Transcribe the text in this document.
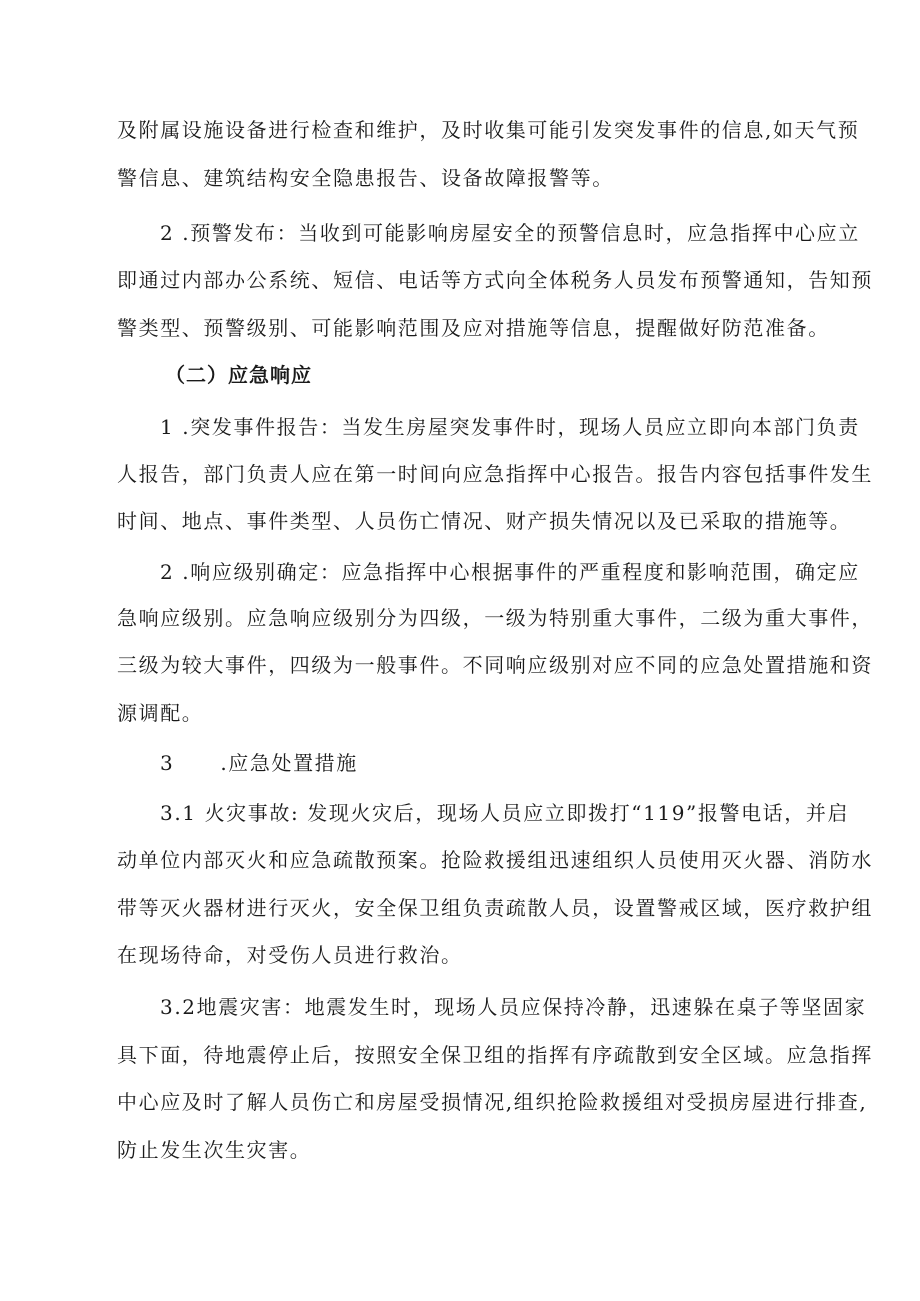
及附属设施设备进行检查和维护，及时收集可能引发突发事件的信息,如天气预

警信息、建筑结构安全隐患报告、设备故障报警等。

2 .预警发布：当收到可能影响房屋安全的预警信息时，应急指挥中心应立

即通过内部办公系统、短信、电话等方式向全体税务人员发布预警通知，告知预

警类型、预警级别、可能影响范围及应对措施等信息，提醒做好防范准备。

（二）应急响应

1 .突发事件报告：当发生房屋突发事件时，现场人员应立即向本部门负责

人报告，部门负责人应在第一时间向应急指挥中心报告。报告内容包括事件发生

时间、地点、事件类型、人员伤亡情况、财产损失情况以及已采取的措施等。

2 .响应级别确定：应急指挥中心根据事件的严重程度和影响范围，确定应

急响应级别。应急响应级别分为四级，一级为特别重大事件，二级为重大事件，

三级为较大事件，四级为一般事件。不同响应级别对应不同的应急处置措施和资

源调配。

3 .应急处置措施

3.1 火灾事故: 发现火灾后，现场人员应立即拨打“119”报警电话，并启

动单位内部灭火和应急疏散预案。抢险救援组迅速组织人员使用灭火器、消防水

带等灭火器材进行灭火，安全保卫组负责疏散人员，设置警戒区域，医疗救护组

在现场待命，对受伤人员进行救治。

3.2地震灾害：地震发生时，现场人员应保持冷静，迅速躲在桌子等坚固家

具下面，待地震停止后，按照安全保卫组的指挥有序疏散到安全区域。应急指挥

中心应及时了解人员伤亡和房屋受损情况,组织抢险救援组对受损房屋进行排查,

防止发生次生灾害。
